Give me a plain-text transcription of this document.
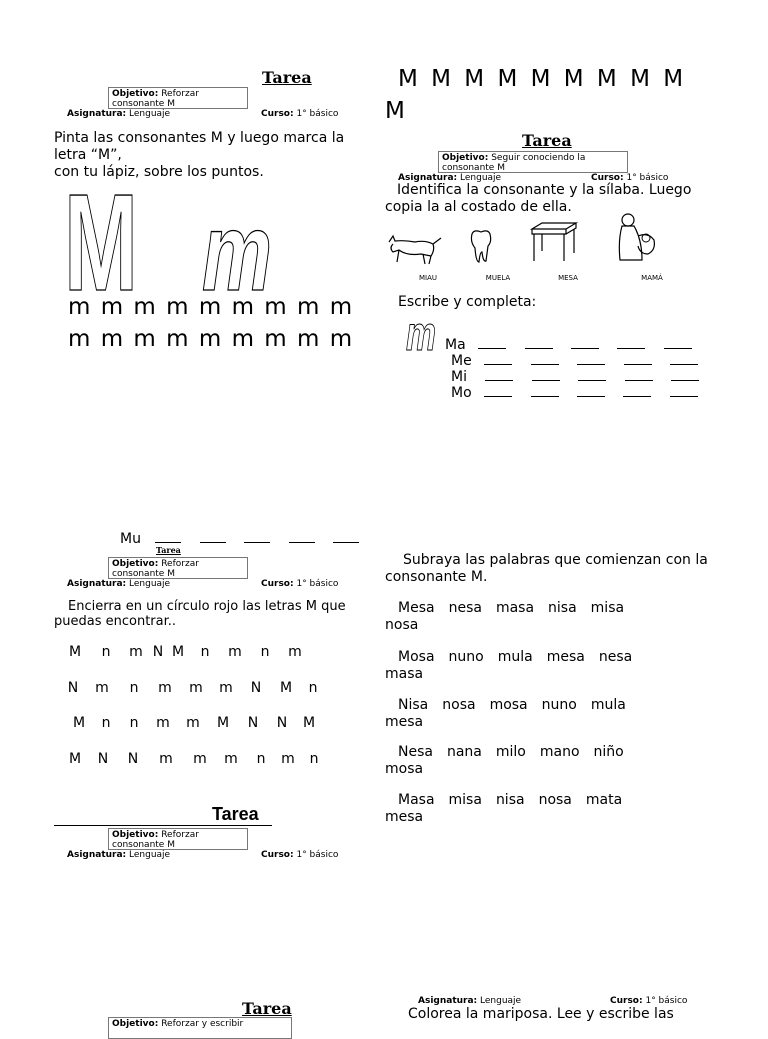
Tarea
Objetivo: Reforzar consonante M
Asignatura: Lenguaje	Curso: 1° básico
Pinta las consonantes M y luego marca la letra “M”,
con tu lápiz, sobre los puntos.
M m
m m m m m m m m m
m m m m m m m m m
M M M M M M M M M
M
Tarea
Objetivo: Seguir conociendo la consonante M
Asignatura: Lenguaje	Curso: 1° básico
Identifica la consonante y la sílaba. Luego copia la al costado de ella.
MIAU	MUELA	MESA	MAMÁ
Escribe y completa:
m Ma
Me
Mi
Mo
Mu
Tarea
Objetivo: Reforzar consonante M
Asignatura: Lenguaje	Curso: 1° básico
Encierra en un círculo rojo las letras M que puedas encontrar..
M n m N M n m n m
N m n m m m N M n
M n n m m M N N M
M N N m m m n m n
Subraya las palabras que comienzan con la consonante M.
Mesa nesa masa nisa misa
nosa
Mosa nuno mula mesa nesa
masa
Nisa nosa mosa nuno mula
mesa
Nesa nana milo mano niño
mosa
Masa misa nisa nosa mata
mesa
Tarea
Objetivo: Reforzar consonante M
Asignatura: Lenguaje	Curso: 1° básico
Tarea
Objetivo: Reforzar y escribir
Asignatura: Lenguaje	Curso: 1° básico
Colorea la mariposa. Lee y escribe las
